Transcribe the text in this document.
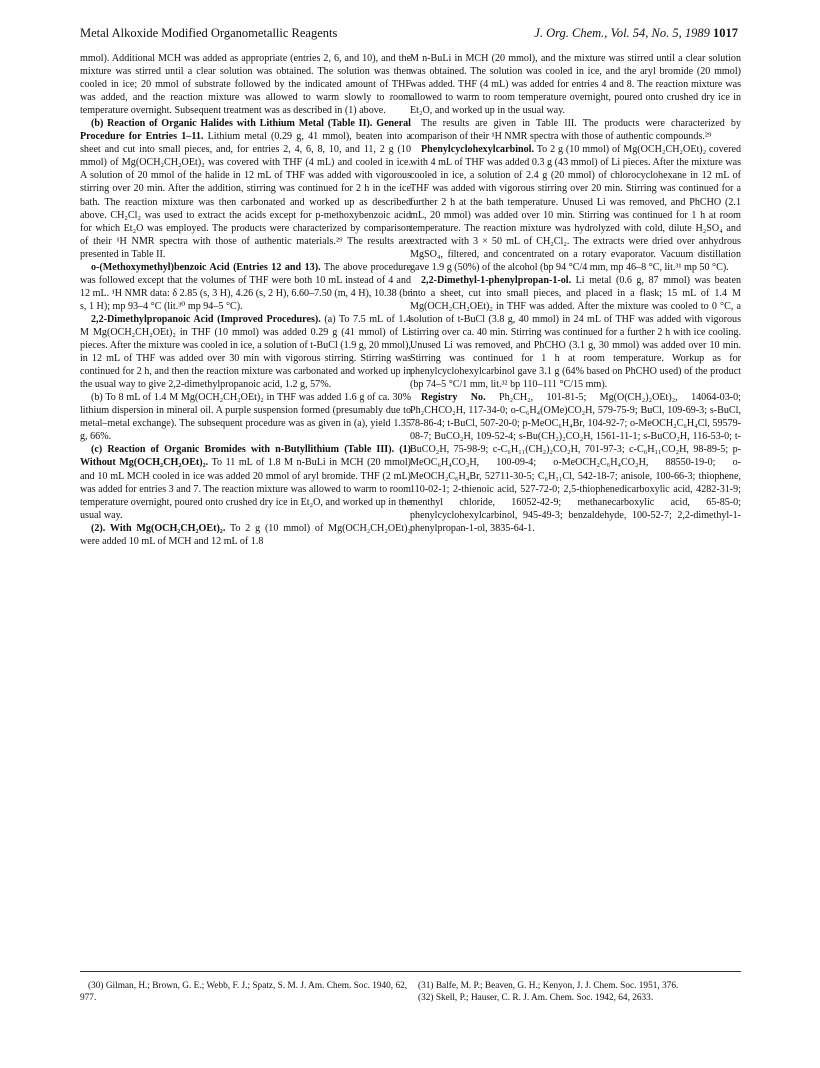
Metal Alkoxide Modified Organometallic Reagents	J. Org. Chem., Vol. 54, No. 5, 1989 1017

mmol). Additional MCH was added as appropriate (entries 2, 6, and 10), and the mixture was stirred until a clear solution was obtained. The solution was then cooled in ice; 20 mmol of substrate followed by the indicated amount of THF was added, and the reaction mixture was allowed to warm slowly to room temperature overnight. Subsequent treatment was as described in (1) above.

(b) Reaction of Organic Halides with Lithium Metal (Table II). General Procedure for Entries 1–11. Lithium metal (0.29 g, 41 mmol), beaten into a sheet and cut into small pieces, and, for entries 2, 4, 6, 8, 10, and 11, 2 g (10 mmol) of Mg(OCH₂CH₂OEt)₂ was covered with THF (4 mL) and cooled in ice. A solution of 20 mmol of the halide in 12 mL of THF was added with vigorous stirring over 20 min. After the addition, stirring was continued for 2 h in the ice bath. The reaction mixture was then carbonated and worked up as described above. CH₂Cl₂ was used to extract the acids except for p-methoxybenzoic acid for which Et₂O was employed. The products were characterized by comparison of their ¹H NMR spectra with those of authentic materials.²⁹ The results are presented in Table II.

o-(Methoxymethyl)benzoic Acid (Entries 12 and 13). The above procedure was followed except that the volumes of THF were both 10 mL instead of 4 and 12 mL. ¹H NMR data: δ 2.85 (s, 3 H), 4.26 (s, 2 H), 6.60–7.50 (m, 4 H), 10.38 (br s, 1 H); mp 93–4 °C (lit.³⁰ mp 94–5 °C).

2,2-Dimethylpropanoic Acid (Improved Procedures). (a) To 7.5 mL of 1.4 M Mg(OCH₂CH₂OEt)₂ in THF (10 mmol) was added 0.29 g (41 mmol) of Li pieces. After the mixture was cooled in ice, a solution of t-BuCl (1.9 g, 20 mmol), in 12 mL of THF was added over 30 min with vigorous stirring. Stirring was continued for 2 h, and then the reaction mixture was carbonated and worked up in the usual way to give 2,2-dimethylpropanoic acid, 1.2 g, 57%.

(b) To 8 mL of 1.4 M Mg(OCH₂CH₂OEt)₂ in THF was added 1.6 g of ca. 30% lithium dispersion in mineral oil. A purple suspension formed (presumably due to metal–metal exchange). The subsequent procedure was as given in (a), yield 1.35 g, 66%.

(c) Reaction of Organic Bromides with n-Butyllithium (Table III). (1) Without Mg(OCH₂CH₂OEt)₂. To 11 mL of 1.8 M n-BuLi in MCH (20 mmol) and 10 mL MCH cooled in ice was added 20 mmol of aryl bromide. THF (2 mL) was added for entries 3 and 7. The reaction mixture was allowed to warm to room temperature overnight, poured onto crushed dry ice in Et₂O, and worked up in the usual way.

(2). With Mg(OCH₂CH₂OEt)₂. To 2 g (10 mmol) of Mg(OCH₂CH₂OEt)₂ were added 10 mL of MCH and 12 mL of 1.8

M n-BuLi in MCH (20 mmol), and the mixture was stirred until a clear solution was obtained. The solution was cooled in ice, and the aryl bromide (20 mmol) was added. THF (4 mL) was added for entries 4 and 8. The reaction mixture was allowed to warm to room temperature overnight, poured onto crushed dry ice in Et₂O, and worked up in the usual way.

The results are given in Table III. The products were characterized by comparison of their ¹H NMR spectra with those of authentic compounds.²⁹

Phenylcyclohexylcarbinol. To 2 g (10 mmol) of Mg(OCH₂CH₂OEt)₂ covered with 4 mL of THF was added 0.3 g (43 mmol) of Li pieces. After the mixture was cooled in ice, a solution of 2.4 g (20 mmol) of chlorocyclohexane in 12 mL of THF was added with vigorous stirring over 20 min. Stirring was continued for a further 2 h at the bath temperature. Unused Li was removed, and PhCHO (2.1 mL, 20 mmol) was added over 10 min. Stirring was continued for 1 h at room temperature. The reaction mixture was hydrolyzed with cold, dilute H₂SO₄ and extracted with 3 × 50 mL of CH₂Cl₂. The extracts were dried over anhydrous MgSO₄, filtered, and concentrated on a rotary evaporator. Vacuum distillation gave 1.9 g (50%) of the alcohol (bp 94 °C/4 mm, mp 46–8 °C, lit.³¹ mp 50 °C).

2,2-Dimethyl-1-phenylpropan-1-ol. Li metal (0.6 g, 87 mmol) was beaten into a sheet, cut into small pieces, and placed in a flask; 15 mL of 1.4 M Mg(OCH₂CH₂OEt)₂ in THF was added. After the mixture was cooled to 0 °C, a solution of t-BuCl (3.8 g, 40 mmol) in 24 mL of THF was added with vigorous stirring over ca. 40 min. Stirring was continued for a further 2 h with ice cooling. Unused Li was removed, and PhCHO (3.1 g, 30 mmol) was added over 10 min. Stirring was continued for 1 h at room temperature. Workup as for phenylcyclohexylcarbinol gave 3.1 g (64% based on PhCHO used) of the product (bp 74–5 °C/1 mm, lit.³² bp 110–111 °C/15 mm).

Registry No. Ph₂CH₂, 101-81-5; Mg(O(CH₂)₂OEt)₂, 14064-03-0; Ph₂CHCO₂H, 117-34-0; o-C₆H₄(OMe)CO₂H, 579-75-9; BuCl, 109-69-3; s-BuCl, 78-86-4; t-BuCl, 507-20-0; p-MeOC₆H₄Br, 104-92-7; o-MeOCH₂C₆H₄Cl, 59579-08-7; BuCO₂H, 109-52-4; s-Bu(CH₂)₂CO₂H, 1561-11-1; s-BuCO₂H, 116-53-0; t-BuCO₂H, 75-98-9; c-C₆H₁₁(CH₂)₂CO₂H, 701-97-3; c-C₆H₁₁CO₂H, 98-89-5; p-MeOC₆H₄CO₂H, 100-09-4; o-MeOCH₂C₆H₄CO₂H, 88550-19-0; o-MeOCH₂C₆H₄Br, 52711-30-5; C₆H₁₁Cl, 542-18-7; anisole, 100-66-3; thiophene, 110-02-1; 2-thienoic acid, 527-72-0; 2,5-thiophenedicarboxylic acid, 4282-31-9; menthyl chloride, 16052-42-9; methanecarboxylic acid, 65-85-0; phenylcyclohexylcarbinol, 945-49-3; benzaldehyde, 100-52-7; 2,2-dimethyl-1-phenylpropan-1-ol, 3835-64-1.

(30) Gilman, H.; Brown, G. E.; Webb, F. J.; Spatz, S. M. J. Am. Chem. Soc. 1940, 62, 977.
(31) Balfe, M. P.; Beaven, G. H.; Kenyon, J. J. Chem. Soc. 1951, 376.
(32) Skell, P.; Hauser, C. R. J. Am. Chem. Soc. 1942, 64, 2633.
